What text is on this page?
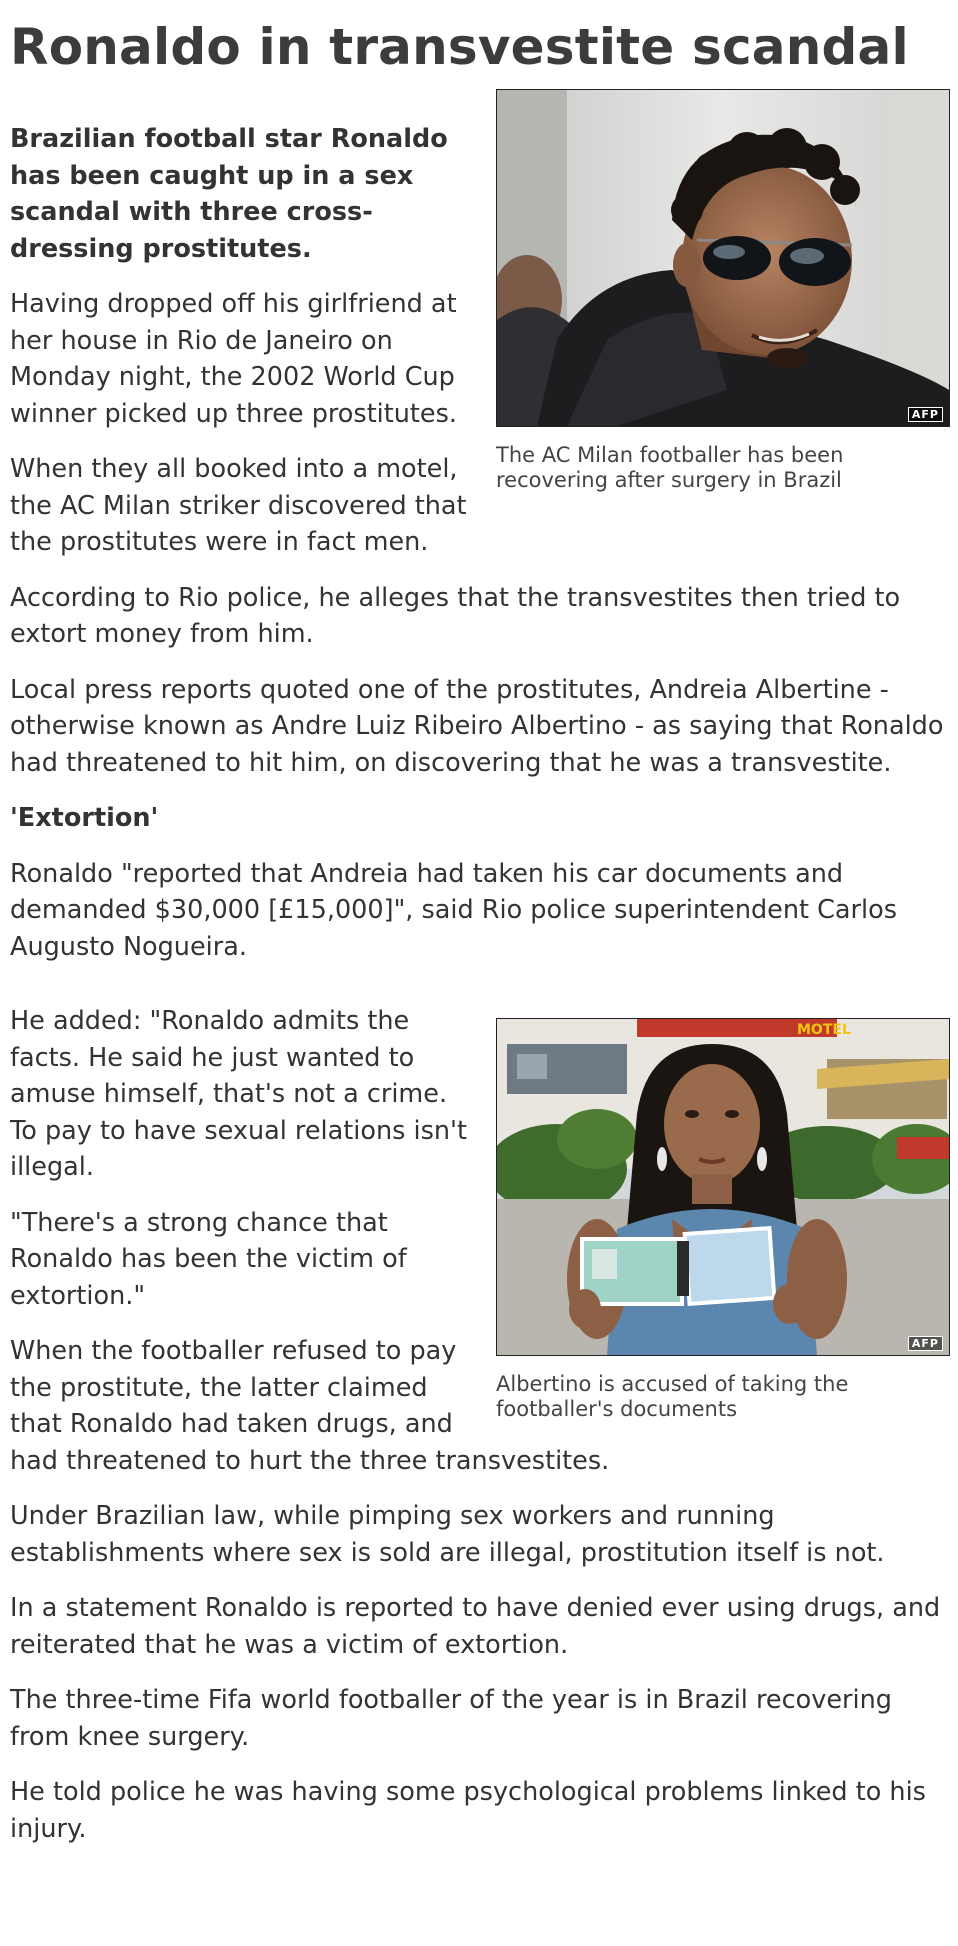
Ronaldo in transvestite scandal
AFP

The AC Milan footballer has been recovering after surgery in Brazil

Brazilian football star Ronaldo has been caught up in a sex scandal with three cross-dressing prostitutes.

Having dropped off his girlfriend at her house in Rio de Janeiro on Monday night, the 2002 World Cup winner picked up three prostitutes.

When they all booked into a motel, the AC Milan striker discovered that the prostitutes were in fact men.

According to Rio police, he alleges that the transvestites then tried to extort money from him.

Local press reports quoted one of the prostitutes, Andreia Albertine - otherwise known as Andre Luiz Ribeiro Albertino - as saying that Ronaldo had threatened to hit him, on discovering that he was a transvestite.

'Extortion'

Ronaldo "reported that Andreia had taken his car documents and demanded $30,000 [£15,000]", said Rio police superintendent Carlos Augusto Nogueira.

MOTEL
AFP

Albertino is accused of taking the footballer's documents

He added: "Ronaldo admits the facts. He said he just wanted to amuse himself, that's not a crime. To pay to have sexual relations isn't illegal.

"There's a strong chance that Ronaldo has been the victim of extortion."

When the footballer refused to pay the prostitute, the latter claimed that Ronaldo had taken drugs, and had threatened to hurt the three transvestites.

Under Brazilian law, while pimping sex workers and running establishments where sex is sold are illegal, prostitution itself is not.

In a statement Ronaldo is reported to have denied ever using drugs, and reiterated that he was a victim of extortion.

The three-time Fifa world footballer of the year is in Brazil recovering from knee surgery.

He told police he was having some psychological problems linked to his injury.
